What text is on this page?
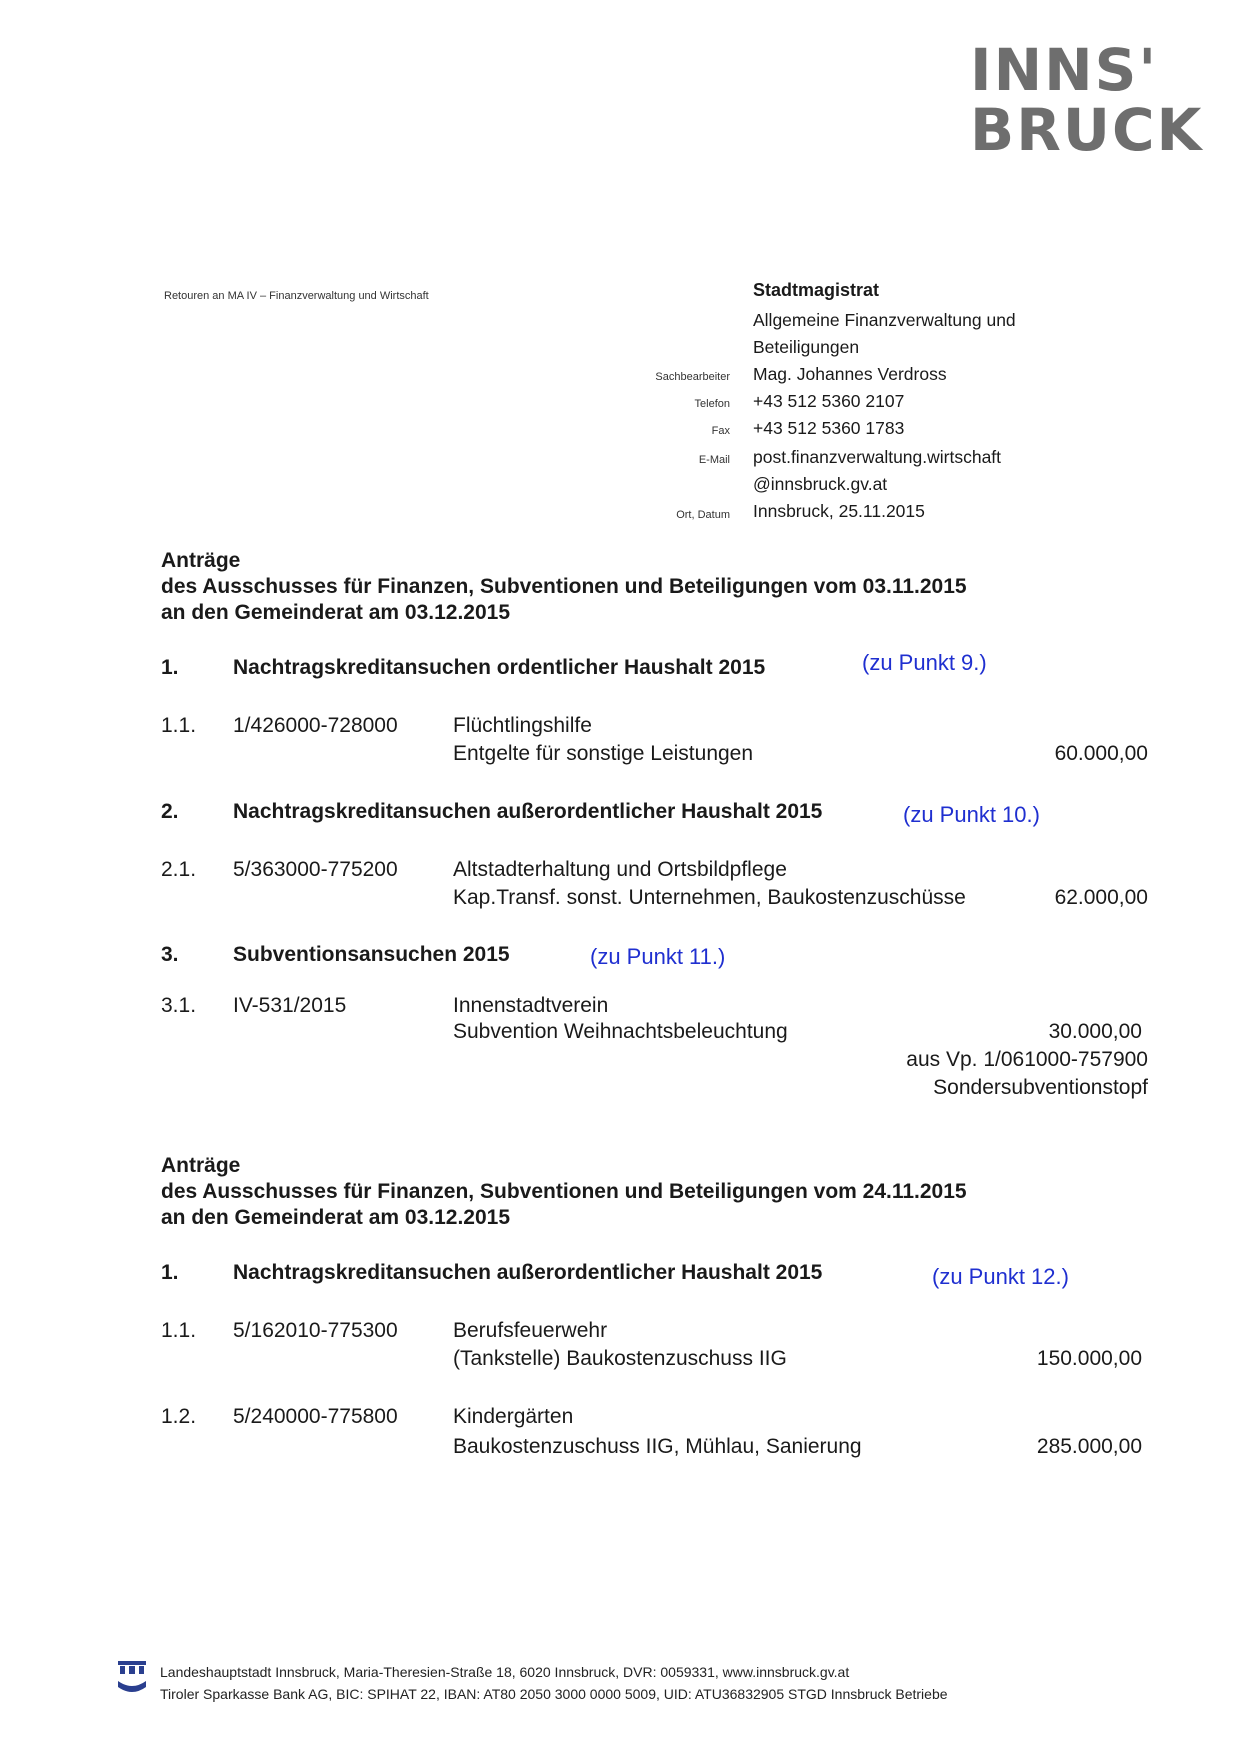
INNS'
BRUCK
Retouren an MA IV – Finanzverwaltung und Wirtschaft	Stadtmagistrat
Allgemeine Finanzverwaltung und
Beteiligungen
Sachbearbeiter Mag. Johannes Verdross
Telefon +43 512 5360 2107
Fax +43 512 5360 1783
E-Mail post.finanzverwaltung.wirtschaft
@innsbruck.gv.at
Ort, Datum Innsbruck, 25.11.2015
Anträge
des Ausschusses für Finanzen, Subventionen und Beteiligungen vom 03.11.2015
an den Gemeinderat am 03.12.2015
1.	Nachtragskreditansuchen ordentlicher Haushalt 2015	(zu Punkt 9.)
1.1. 1/426000-728000	Flüchtlingshilfe
Entgelte für sonstige Leistungen	60.000,00
2.	Nachtragskreditansuchen außerordentlicher Haushalt 2015	(zu Punkt 10.)
2.1. 5/363000-775200	Altstadterhaltung und Ortsbildpflege
Kap.Transf. sonst. Unternehmen, Baukostenzuschüsse	62.000,00
3.	Subventionsansuchen 2015	(zu Punkt 11.)
3.1. IV-531/2015	Innenstadtverein
Subvention Weihnachtsbeleuchtung	30.000,00
aus Vp. 1/061000-757900
Sondersubventionstopf
Anträge
des Ausschusses für Finanzen, Subventionen und Beteiligungen vom 24.11.2015
an den Gemeinderat am 03.12.2015
1.	Nachtragskreditansuchen außerordentlicher Haushalt 2015	(zu Punkt 12.)
1.1. 5/162010-775300	Berufsfeuerwehr
(Tankstelle) Baukostenzuschuss IIG	150.000,00
1.2. 5/240000-775800	Kindergärten
Baukostenzuschuss IIG, Mühlau, Sanierung	285.000,00
Landeshauptstadt Innsbruck, Maria-Theresien-Straße 18, 6020 Innsbruck, DVR: 0059331, www.innsbruck.gv.at
Tiroler Sparkasse Bank AG, BIC: SPIHAT 22, IBAN: AT80 2050 3000 0000 5009, UID: ATU36832905 STGD Innsbruck Betriebe
